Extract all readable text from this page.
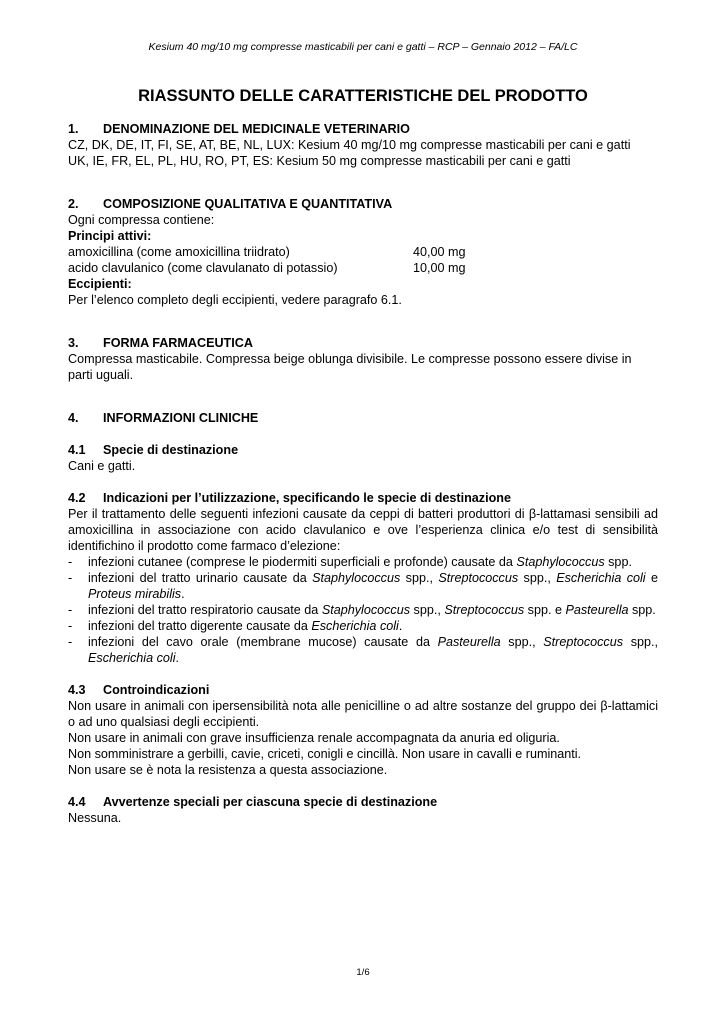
Kesium 40 mg/10 mg compresse masticabili per cani e gatti – RCP – Gennaio 2012 – FA/LC
RIASSUNTO DELLE CARATTERISTICHE DEL PRODOTTO

1. DENOMINAZIONE DEL MEDICINALE VETERINARIO

CZ, DK, DE, IT, FI, SE, AT, BE, NL, LUX: Kesium 40 mg/10 mg compresse masticabili per cani e gatti

UK, IE, FR, EL, PL, HU, RO, PT, ES: Kesium 50 mg compresse masticabili per cani e gatti

2. COMPOSIZIONE QUALITATIVA E QUANTITATIVA

Ogni compressa contiene:

Principi attivi:

amoxicillina (come amoxicillina triidrato)	40,00 mg
acido clavulanico (come clavulanato di potassio)	10,00 mg

Eccipienti:

Per l’elenco completo degli eccipienti, vedere paragrafo 6.1.

3. FORMA FARMACEUTICA

Compressa masticabile. Compressa beige oblunga divisibile. Le compresse possono essere divise in parti uguali.

4. INFORMAZIONI CLINICHE

4.1 Specie di destinazione

Cani e gatti.

4.2 Indicazioni per l’utilizzazione, specificando le specie di destinazione

Per il trattamento delle seguenti infezioni causate da ceppi di batteri produttori di β-lattamasi sensibili ad amoxicillina in associazione con acido clavulanico e ove l’esperienza clinica e/o test di sensibilità identifichino il prodotto come farmaco d’elezione:

-	infezioni cutanee (comprese le piodermiti superficiali e profonde) causate da Staphylococcus spp.
-	infezioni del tratto urinario causate da Staphylococcus spp., Streptococcus spp., Escherichia coli e Proteus mirabilis.
-	infezioni del tratto respiratorio causate da Staphylococcus spp., Streptococcus spp. e Pasteurella spp.
-	infezioni del tratto digerente causate da Escherichia coli.
-	infezioni del cavo orale (membrane mucose) causate da Pasteurella spp., Streptococcus spp., Escherichia coli.

4.3 Controindicazioni

Non usare in animali con ipersensibilità nota alle penicilline o ad altre sostanze del gruppo dei β-lattamici o ad uno qualsiasi degli eccipienti.

Non usare in animali con grave insufficienza renale accompagnata da anuria ed oliguria.

Non somministrare a gerbilli, cavie, criceti, conigli e cincillà. Non usare in cavalli e ruminanti.

Non usare se è nota la resistenza a questa associazione.

4.4 Avvertenze speciali per ciascuna specie di destinazione

Nessuna.

1/6
